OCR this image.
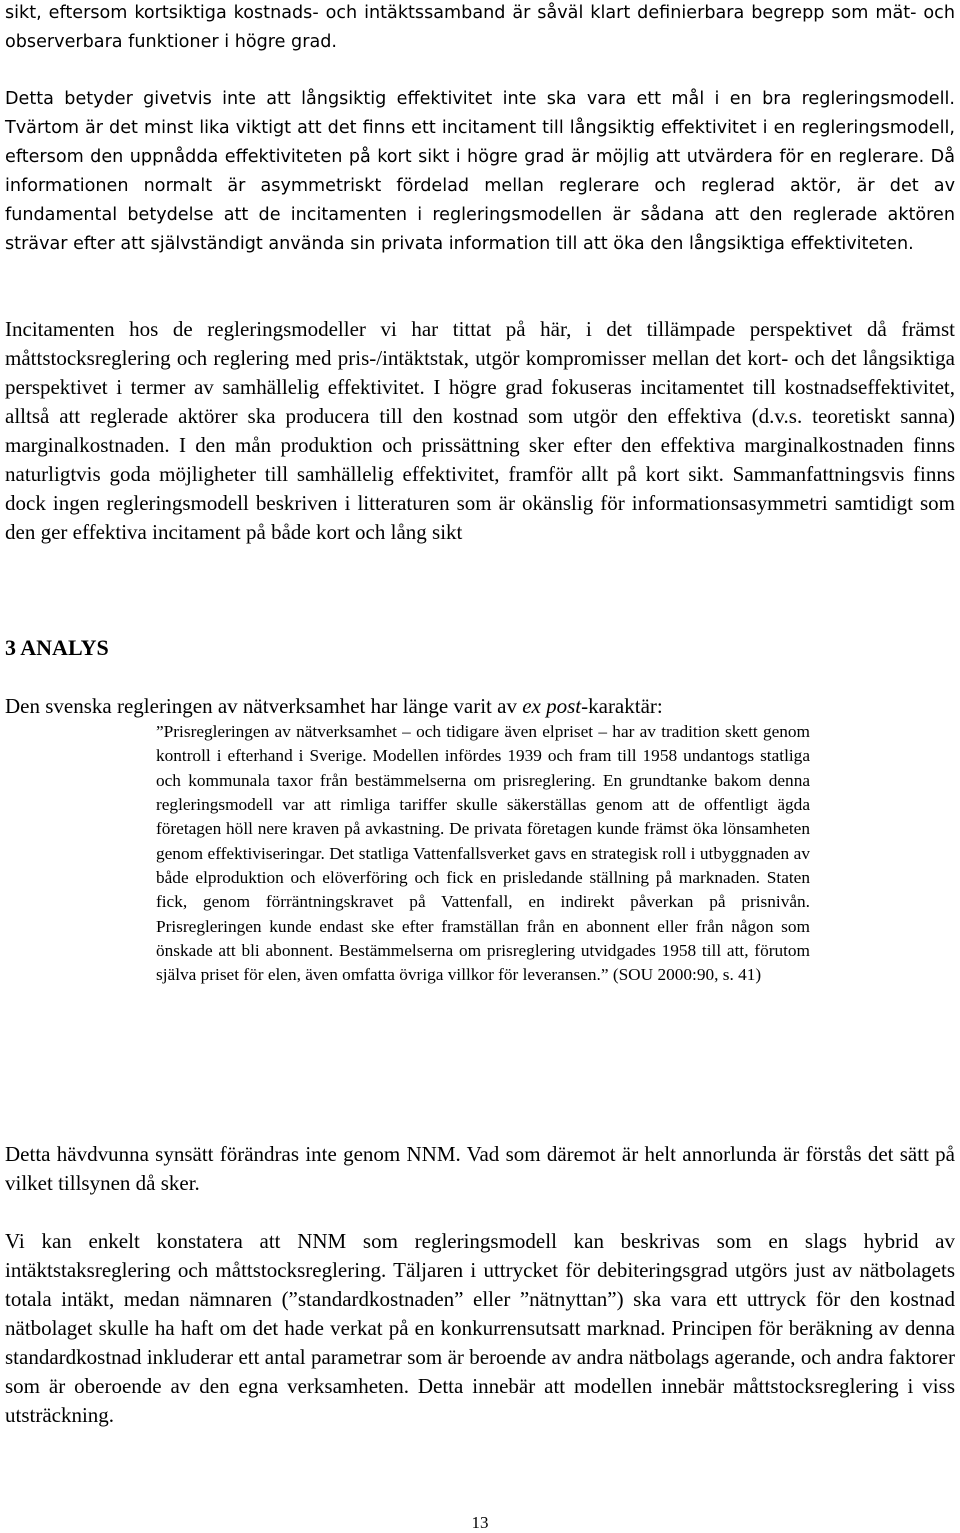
sikt, eftersom kortsiktiga kostnads- och intäktssamband är såväl klart definierbara begrepp som mät- och observerbara funktioner i högre grad.

Detta betyder givetvis inte att långsiktig effektivitet inte ska vara ett mål i en bra regleringsmodell. Tvärtom är det minst lika viktigt att det finns ett incitament till långsiktig effektivitet i en regleringsmodell, eftersom den uppnådda effektiviteten på kort sikt i högre grad är möjlig att utvärdera för en reglerare. Då informationen normalt är asymmetriskt fördelad mellan reglerare och reglerad aktör, är det av fundamental betydelse att de incitamenten i regleringsmodellen är sådana att den reglerade aktören strävar efter att självständigt använda sin privata information till att öka den långsiktiga effektiviteten.

Incitamenten hos de regleringsmodeller vi har tittat på här, i det tillämpade perspektivet då främst måttstocksreglering och reglering med pris-/intäktstak, utgör kompromisser mellan det kort- och det långsiktiga perspektivet i termer av samhällelig effektivitet. I högre grad fokuseras incitamentet till kostnadseffektivitet, alltså att reglerade aktörer ska producera till den kostnad som utgör den effektiva (d.v.s. teoretiskt sanna) marginalkostnaden. I den mån produktion och prissättning sker efter den effektiva marginalkostnaden finns naturligtvis goda möjligheter till samhällelig effektivitet, framför allt på kort sikt. Sammanfattningsvis finns dock ingen regleringsmodell beskriven i litteraturen som är okänslig för informationsasymmetri samtidigt som den ger effektiva incitament på både kort och lång sikt

3 ANALYS

Den svenska regleringen av nätverksamhet har länge varit av ex post-karaktär:

”Prisregleringen av nätverksamhet – och tidigare även elpriset – har av tradition skett genom kontroll i efterhand i Sverige. Modellen infördes 1939 och fram till 1958 undantogs statliga och kommunala taxor från bestämmelserna om prisreglering. En grundtanke bakom denna regleringsmodell var att rimliga tariffer skulle säkerställas genom att de offentligt ägda företagen höll nere kraven på avkastning. De privata företagen kunde främst öka lönsamheten genom effektiviseringar. Det statliga Vattenfallsverket gavs en strategisk roll i utbyggnaden av både elproduktion och elöverföring och fick en prisledande ställning på marknaden. Staten fick, genom förräntningskravet på Vattenfall, en indirekt påverkan på prisnivån. Prisregleringen kunde endast ske efter framställan från en abonnent eller från någon som önskade att bli abonnent. Bestämmelserna om prisreglering utvidgades 1958 till att, förutom själva priset för elen, även omfatta övriga villkor för leveransen.” (SOU 2000:90, s. 41)

Detta hävdvunna synsätt förändras inte genom NNM. Vad som däremot är helt annorlunda är förstås det sätt på vilket tillsynen då sker.

Vi kan enkelt konstatera att NNM som regleringsmodell kan beskrivas som en slags hybrid av intäktstaksreglering och måttstocksreglering. Täljaren i uttrycket för debiteringsgrad utgörs just av nätbolagets totala intäkt, medan nämnaren (”standardkostnaden” eller ”nätnyttan”) ska vara ett uttryck för den kostnad nätbolaget skulle ha haft om det hade verkat på en konkurrensutsatt marknad. Principen för beräkning av denna standardkostnad inkluderar ett antal parametrar som är beroende av andra nätbolags agerande, och andra faktorer som är oberoende av den egna verksamheten. Detta innebär att modellen innebär måttstocksreglering i viss utsträckning.

13
